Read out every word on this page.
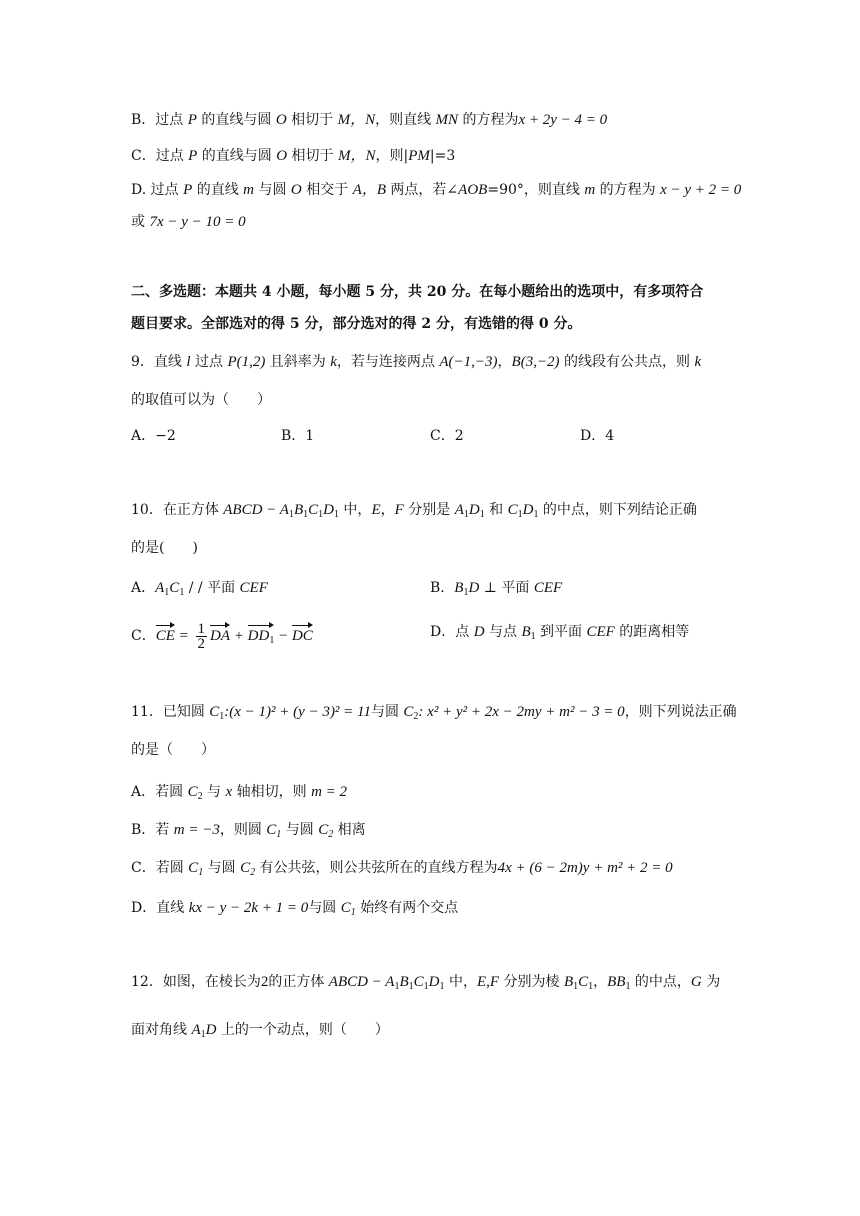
B．过点 P 的直线与圆 O 相切于 M，N，则直线 MN 的方程为x + 2y − 4 = 0
C．过点 P 的直线与圆 O 相切于 M，N，则|PM|=3
D. 过点 P 的直线 m 与圆 O 相交于 A，B 两点，若∠AOB=90°，则直线 m 的方程为 x − y + 2 = 0
或 7x − y − 10 = 0
二、多选题：本题共 4 小题，每小题 5 分，共 20 分。在每小题给出的选项中，有多项符合
题目要求。全部选对的得 5 分，部分选对的得 2 分，有选错的得 0 分。
9．直线 l 过点 P(1,2) 且斜率为 k，若与连接两点 A(−1,−3)，B(3,−2) 的线段有公共点，则 k
的取值可以为（　　）
A．−2	B．1	C．2	D．4
10．在正方体 ABCD − $A_1B_1C_1D_1$ 中，E，F 分别是 $A_1D_1$ 和 $C_1D_1$ 的中点，则下列结论正确
的是(　　)
A．$A_1C_1$ / / 平面 CEF	B．$B_1D$ ⊥ 平面 CEF
C．CE = $\frac{1}{2}$ DA + $DD_1$ − DC	D．点 D 与点 $B_1$ 到平面 CEF 的距离相等
11．已知圆 $C_1:(x - 1)^2 + (y - 3)^2 = 11$与圆 $C_2$: x² + y² + 2x − 2my + m² − 3 = 0，则下列说法正确
的是（　　）
A．若圆 $C_2$ 与 x 轴相切，则 m = 2
B．若 m = −3，则圆 $C_1$ 与圆 $C_2$ 相离
C．若圆 $C_1$ 与圆 $C_2$ 有公共弦，则公共弦所在的直线方程为4x + (6 − 2m)y + m² + 2 = 0
D．直线 kx − y − 2k + 1 = 0与圆 $C_1$ 始终有两个交点
12．如图，在棱长为2的正方体 ABCD − $A_1B_1C_1D_1$ 中，E,F 分别为棱 $B_1C_1$，$BB_1$ 的中点，G 为
面对角线 $A_1D$ 上的一个动点，则（　　）
